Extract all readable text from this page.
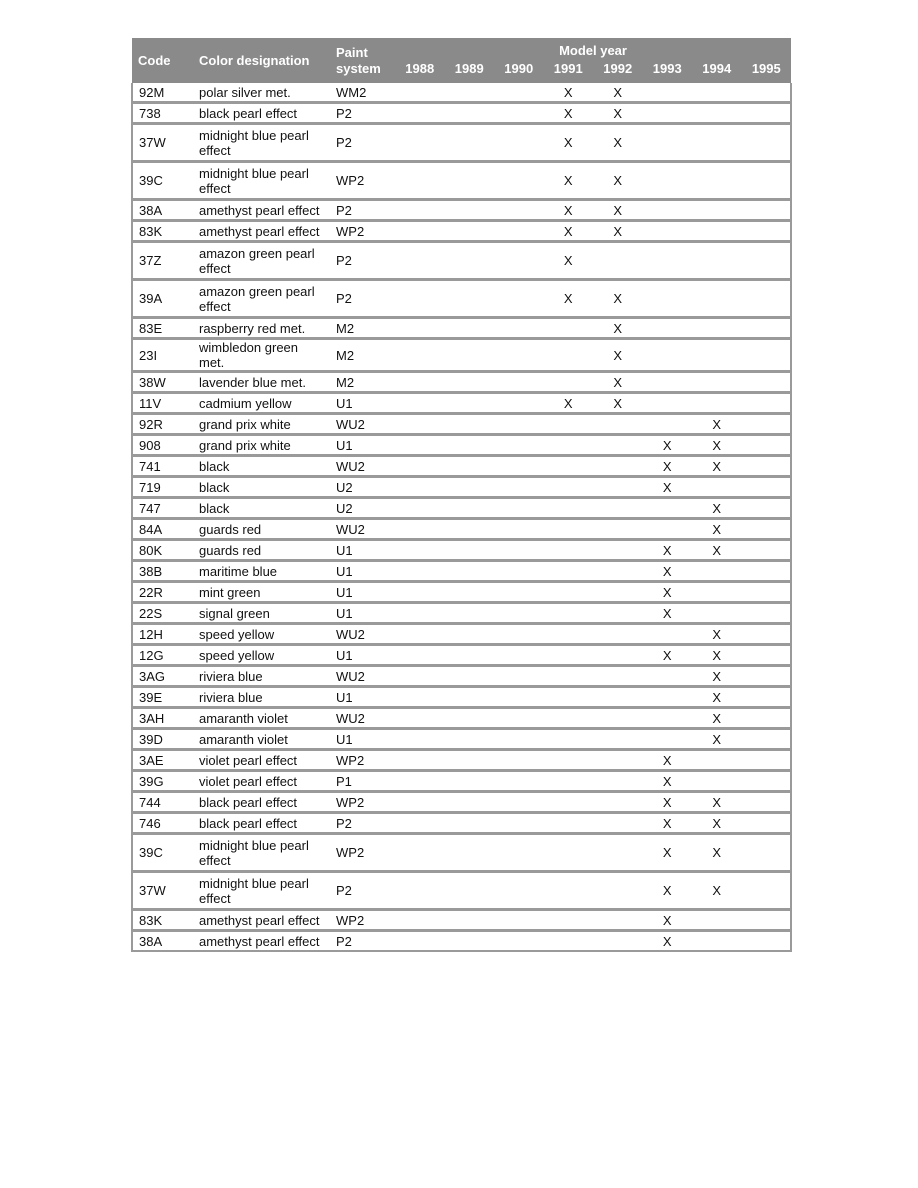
Code	Color designation	Paint system	Model year							
			1988	1989	1990	1991	1992	1993	1994	1995
92M	polar silver met.	WM2				X	X			
738	black pearl effect	P2				X	X			
37W	midnight blue pearl effect	P2				X	X			
39C	midnight blue pearl effect	WP2				X	X			
38A	amethyst pearl effect	P2				X	X			
83K	amethyst pearl effect	WP2				X	X			
37Z	amazon green pearl effect	P2				X				
39A	amazon green pearl effect	P2				X	X			
83E	raspberry red met.	M2					X			
23I	wimbledon green met.	M2					X			
38W	lavender blue met.	M2					X			
11V	cadmium yellow	U1				X	X			
92R	grand prix white	WU2							X	
908	grand prix white	U1						X	X	
741	black	WU2						X	X	
719	black	U2						X		
747	black	U2							X	
84A	guards red	WU2							X	
80K	guards red	U1						X	X	
38B	maritime blue	U1						X		
22R	mint green	U1						X		
22S	signal green	U1						X		
12H	speed yellow	WU2							X	
12G	speed yellow	U1						X	X	
3AG	riviera blue	WU2							X	
39E	riviera blue	U1							X	
3AH	amaranth violet	WU2							X	
39D	amaranth violet	U1							X	
3AE	violet pearl effect	WP2						X		
39G	violet pearl effect	P1						X		
744	black pearl effect	WP2						X	X	
746	black pearl effect	P2						X	X	
39C	midnight blue pearl effect	WP2						X	X	
37W	midnight blue pearl effect	P2						X	X	
83K	amethyst pearl effect	WP2						X		
38A	amethyst pearl effect	P2						X		
